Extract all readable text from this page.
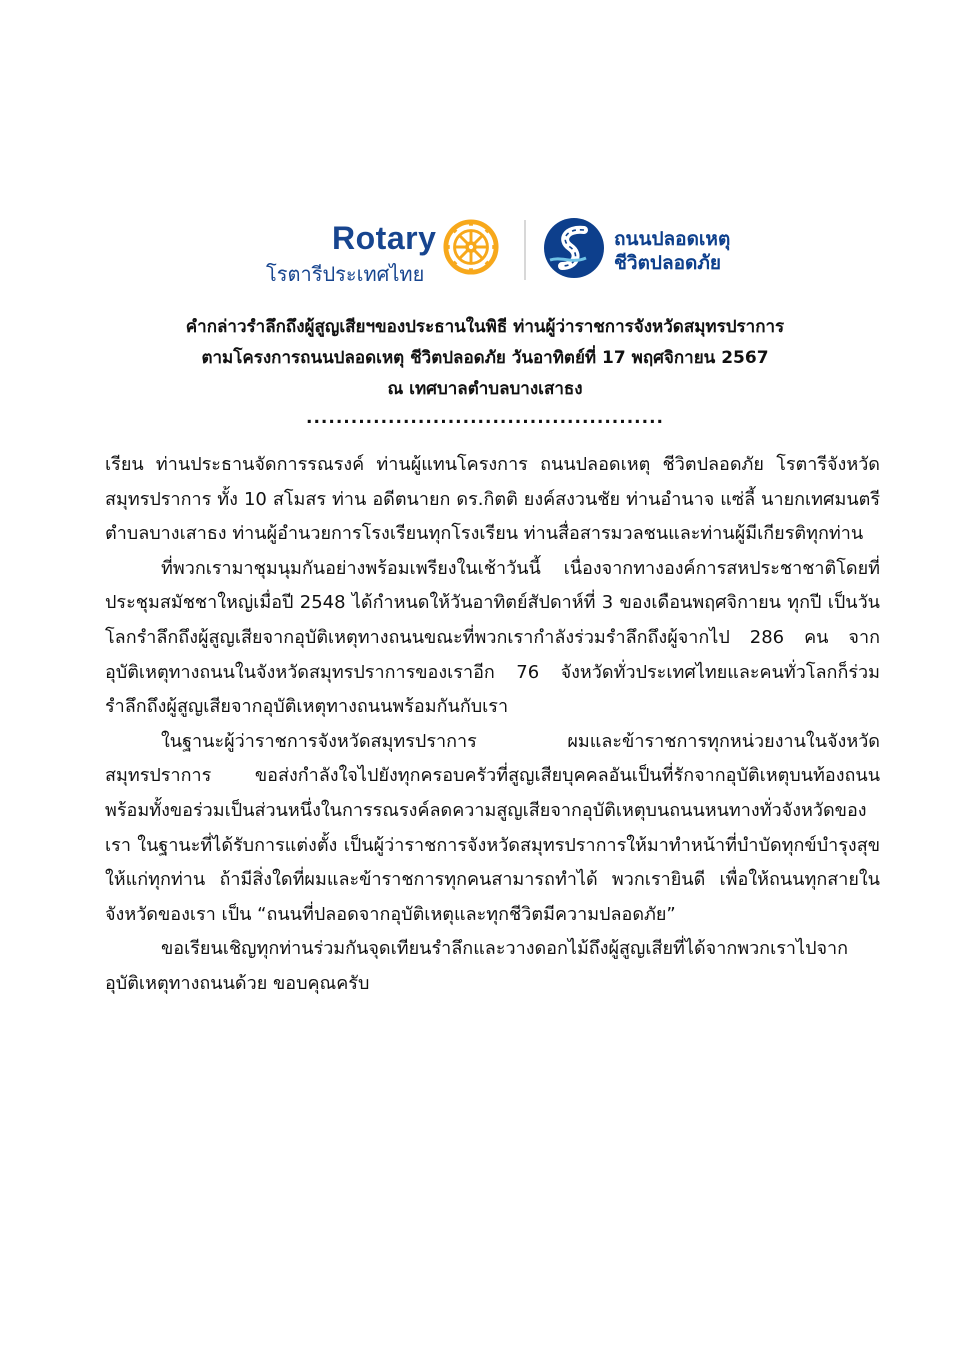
Rotary
โรตารีประเทศไทย
ถนนปลอดเหตุ
ชีวิตปลอดภัย
คำกล่าวรำลึกถึงผู้สูญเสียฯของประธานในพิธี ท่านผู้ว่าราชการจังหวัดสมุทรปราการ
ตามโครงการถนนปลอดเหตุ ชีวิตปลอดภัย วันอาทิตย์ที่ 17 พฤศจิกายน 2567
ณ เทศบาลตำบลบางเสาธง
................................................

เรียน ท่านประธานจัดการรณรงค์ ท่านผู้แทนโครงการ ถนนปลอดเหตุ ชีวิตปลอดภัย โรตารีจังหวัดสมุทรปราการ ทั้ง 10 สโมสร ท่าน อดีตนายก ดร.กิตติ ยงค์สงวนชัย ท่านอำนาจ แซ่ลี้ นายกเทศมนตรีตำบลบางเสาธง ท่านผู้อำนวยการโรงเรียนทุกโรงเรียน ท่านสื่อสารมวลชนและท่านผู้มีเกียรติทุกท่าน

ที่พวกเรามาชุมนุมกันอย่างพร้อมเพรียงในเช้าวันนี้ เนื่องจากทางองค์การสหประชาชาติโดยที่ประชุมสมัชชาใหญ่เมื่อปี 2548 ได้กำหนดให้วันอาทิตย์สัปดาห์ที่ 3 ของเดือนพฤศจิกายน ทุกปี เป็นวันโลกรำลึกถึงผู้สูญเสียจากอุบัติเหตุทางถนนขณะที่พวกเรากำลังร่วมรำลึกถึงผู้จากไป 286 คน จากอุบัติเหตุทางถนนในจังหวัดสมุทรปราการของเราอีก 76 จังหวัดทั่วประเทศไทยและคนทั่วโลกก็ร่วมรำลึกถึงผู้สูญเสียจากอุบัติเหตุทางถนนพร้อมกันกับเรา

ในฐานะผู้ว่าราชการจังหวัดสมุทรปราการ ผมและข้าราชการทุกหน่วยงานในจังหวัดสมุทรปราการ ขอส่งกำลังใจไปยังทุกครอบครัวที่สูญเสียบุคคลอันเป็นที่รักจากอุบัติเหตุบนท้องถนน พร้อมทั้งขอร่วมเป็นส่วนหนึ่งในการรณรงค์ลดความสูญเสียจากอุบัติเหตุบนถนนหนทางทั่วจังหวัดของเรา ในฐานะที่ได้รับการแต่งตั้ง เป็นผู้ว่าราชการจังหวัดสมุทรปราการให้มาทำหน้าที่บำบัดทุกข์บำรุงสุขให้แก่ทุกท่าน ถ้ามีสิ่งใดที่ผมและข้าราชการทุกคนสามารถทำได้ พวกเรายินดี เพื่อให้ถนนทุกสายในจังหวัดของเรา เป็น “ถนนที่ปลอดจากอุบัติเหตุและทุกชีวิตมีความปลอดภัย”

ขอเรียนเชิญทุกท่านร่วมกันจุดเทียนรำลึกและวางดอกไม้ถึงผู้สูญเสียที่ได้จากพวกเราไปจากอุบัติเหตุทางถนนด้วย ขอบคุณครับ
